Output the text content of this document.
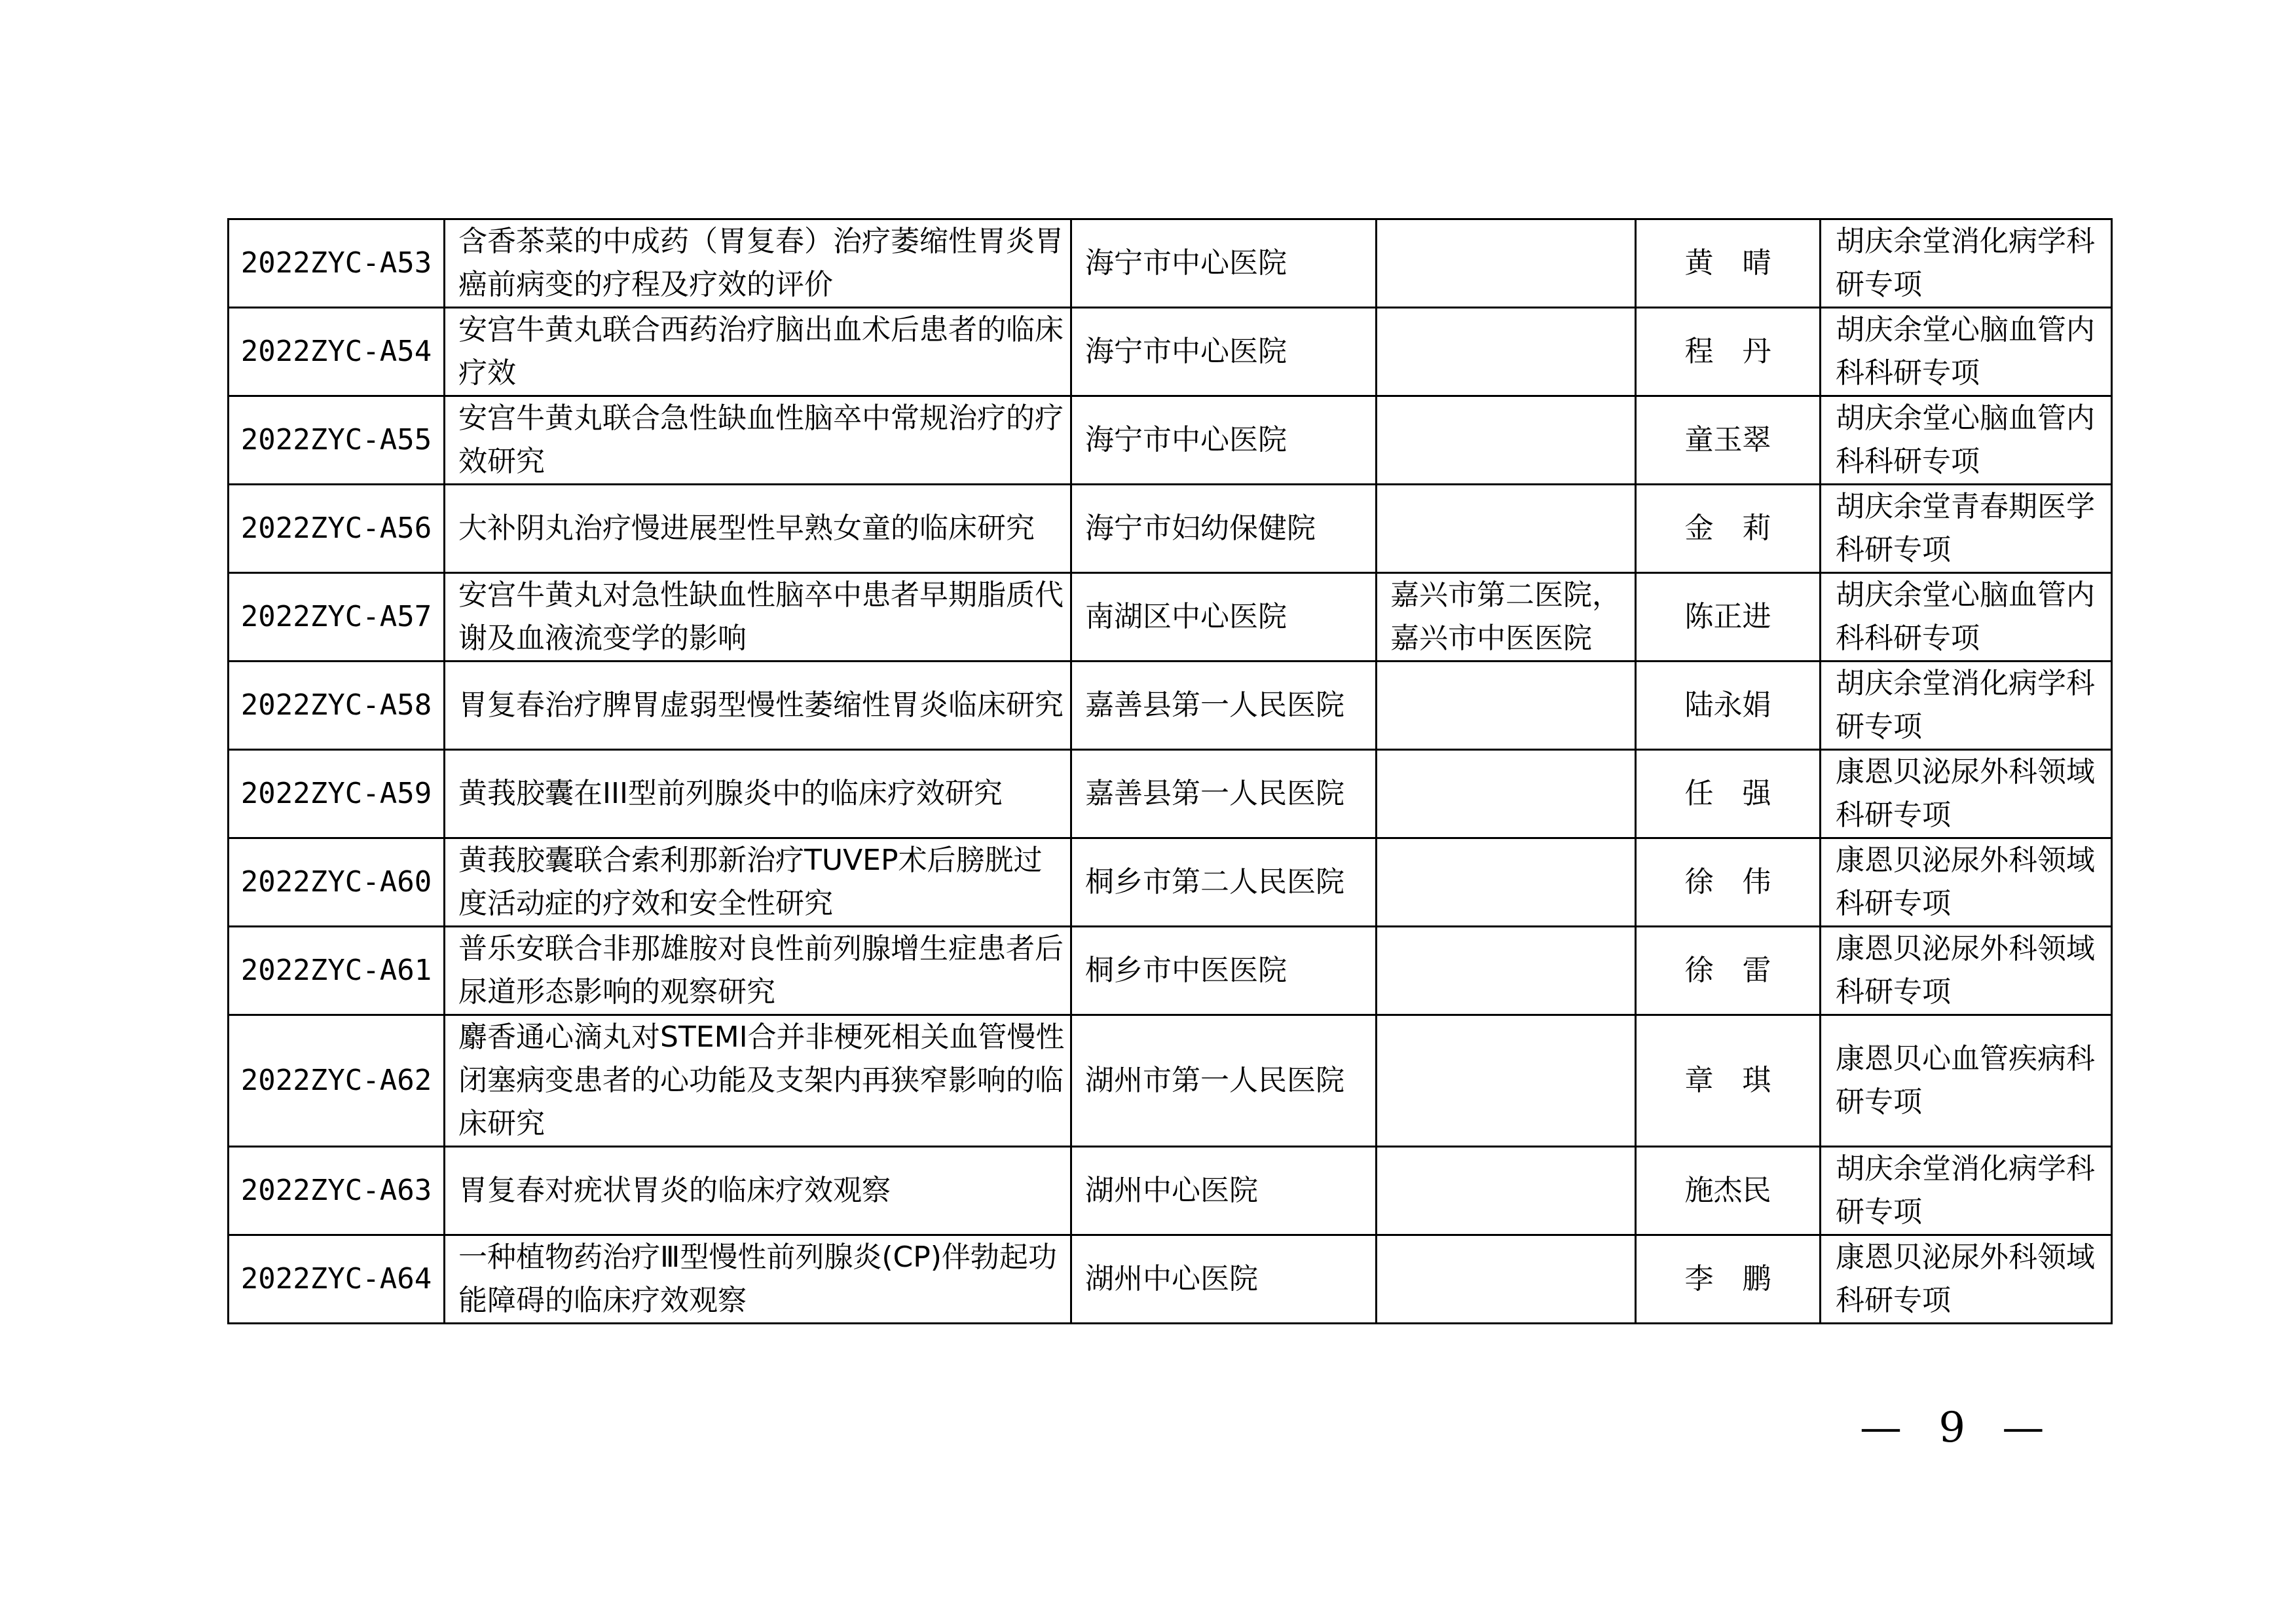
2022ZYC-A53	含香茶菜的中成药（胃复春）治疗萎缩性胃炎胃癌前病变的疗程及疗效的评价	海宁市中心医院		黄　晴	胡庆余堂消化病学科研专项
2022ZYC-A54	安宫牛黄丸联合西药治疗脑出血术后患者的临床疗效	海宁市中心医院		程　丹	胡庆余堂心脑血管内科科研专项
2022ZYC-A55	安宫牛黄丸联合急性缺血性脑卒中常规治疗的疗效研究	海宁市中心医院		童玉翠	胡庆余堂心脑血管内科科研专项
2022ZYC-A56	大补阴丸治疗慢进展型性早熟女童的临床研究	海宁市妇幼保健院		金　莉	胡庆余堂青春期医学科研专项
2022ZYC-A57	安宫牛黄丸对急性缺血性脑卒中患者早期脂质代谢及血液流变学的影响	南湖区中心医院	嘉兴市第二医院，嘉兴市中医医院	陈正进	胡庆余堂心脑血管内科科研专项
2022ZYC-A58	胃复春治疗脾胃虚弱型慢性萎缩性胃炎临床研究	嘉善县第一人民医院		陆永娟	胡庆余堂消化病学科研专项
2022ZYC-A59	黄莪胶囊在III型前列腺炎中的临床疗效研究	嘉善县第一人民医院		任　强	康恩贝泌尿外科领域科研专项
2022ZYC-A60	黄莪胶囊联合索利那新治疗TUVEP术后膀胱过度活动症的疗效和安全性研究	桐乡市第二人民医院		徐　伟	康恩贝泌尿外科领域科研专项
2022ZYC-A61	普乐安联合非那雄胺对良性前列腺增生症患者后尿道形态影响的观察研究	桐乡市中医医院		徐　雷	康恩贝泌尿外科领域科研专项
2022ZYC-A62	麝香通心滴丸对STEMI合并非梗死相关血管慢性闭塞病变患者的心功能及支架内再狭窄影响的临床研究	湖州市第一人民医院		章　琪	康恩贝心血管疾病科研专项
2022ZYC-A63	胃复春对疣状胃炎的临床疗效观察	湖州中心医院		施杰民	胡庆余堂消化病学科研专项
2022ZYC-A64	一种植物药治疗Ⅲ型慢性前列腺炎(CP)伴勃起功能障碍的临床疗效观察	湖州中心医院		李　鹏	康恩贝泌尿外科领域科研专项
— 9 —
